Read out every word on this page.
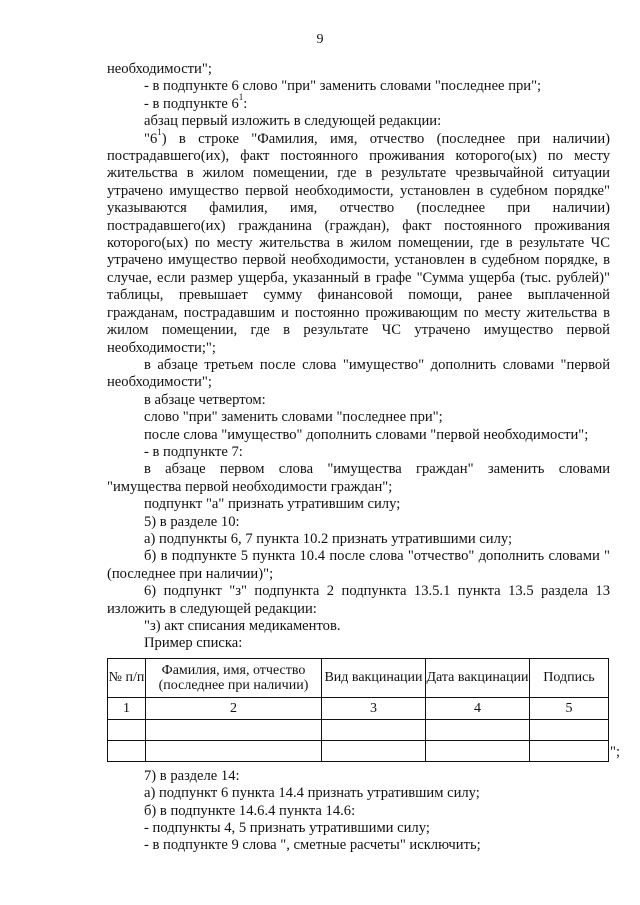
9

необходимости";

- в подпункте 6 слово "при" заменить словами "последнее при";

- в подпункте $6^1$:

абзац первый изложить в следующей редакции:

"$6^1$) в строке "Фамилия, имя, отчество (последнее при наличии) пострадавшего(их), факт постоянного проживания которого(ых) по месту жительства в жилом помещении, где в результате чрезвычайной ситуации утрачено имущество первой необходимости, установлен в судебном порядке" указываются фамилия, имя, отчество (последнее при наличии) пострадавшего(их) гражданина (граждан), факт постоянного проживания которого(ых) по месту жительства в жилом помещении, где в результате ЧС утрачено имущество первой необходимости, установлен в судебном порядке, в случае, если размер ущерба, указанный в графе "Сумма ущерба (тыс. рублей)" таблицы, превышает сумму финансовой помощи, ранее выплаченной гражданам, пострадавшим и постоянно проживающим по месту жительства в жилом помещении, где в результате ЧС утрачено имущество первой необходимости;";

в абзаце третьем после слова "имущество" дополнить словами "первой необходимости";

в абзаце четвертом:

слово "при" заменить словами "последнее при";

после слова "имущество" дополнить словами "первой необходимости";

- в подпункте 7:

в абзаце первом слова "имущества граждан" заменить словами "имущества первой необходимости граждан";

подпункт "а" признать утратившим силу;

5) в разделе 10:

а) подпункты 6, 7 пункта 10.2 признать утратившими силу;

б) в подпункте 5 пункта 10.4 после слова "отчество" дополнить словами "(последнее при наличии)";

6) подпункт "з" подпункта 2 подпункта 13.5.1 пункта 13.5 раздела 13 изложить в следующей редакции:

"з) акт списания медикаментов.

Пример списка:

№ п/п	Фамилия, имя, отчество (последнее при наличии)	Вид вакцинации	Дата вакцинации	Подпись
1	2	3	4	5

";

7) в разделе 14:

а) подпункт 6 пункта 14.4 признать утратившим силу;

б) в подпункте 14.6.4 пункта 14.6:

- подпункты 4, 5 признать утратившими силу;

- в подпункте 9 слова ", сметные расчеты" исключить;
